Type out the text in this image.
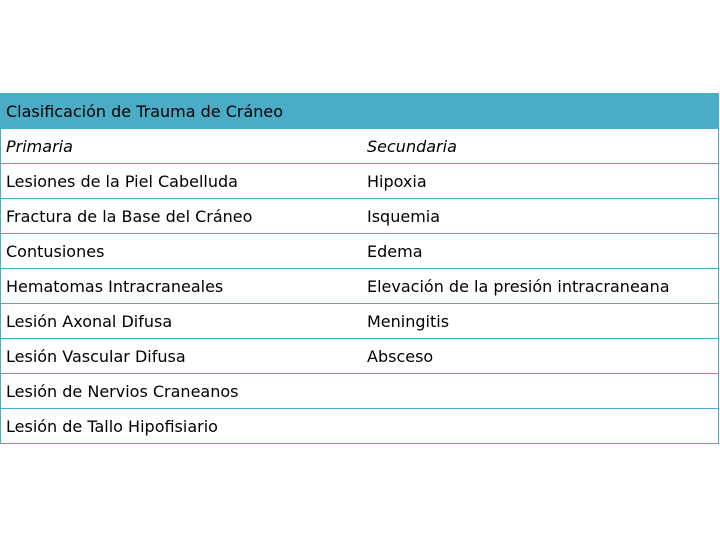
Clasificación de Trauma de Cráneo
Primaria	Secundaria
Lesiones de la Piel Cabelluda	Hipoxia
Fractura de la Base del Cráneo	Isquemia
Contusiones	Edema
Hematomas Intracraneales	Elevación de la presión intracraneana
Lesión Axonal Difusa	Meningitis
Lesión Vascular Difusa	Absceso
Lesión de Nervios Craneanos
Lesión de Tallo Hipofisiario
